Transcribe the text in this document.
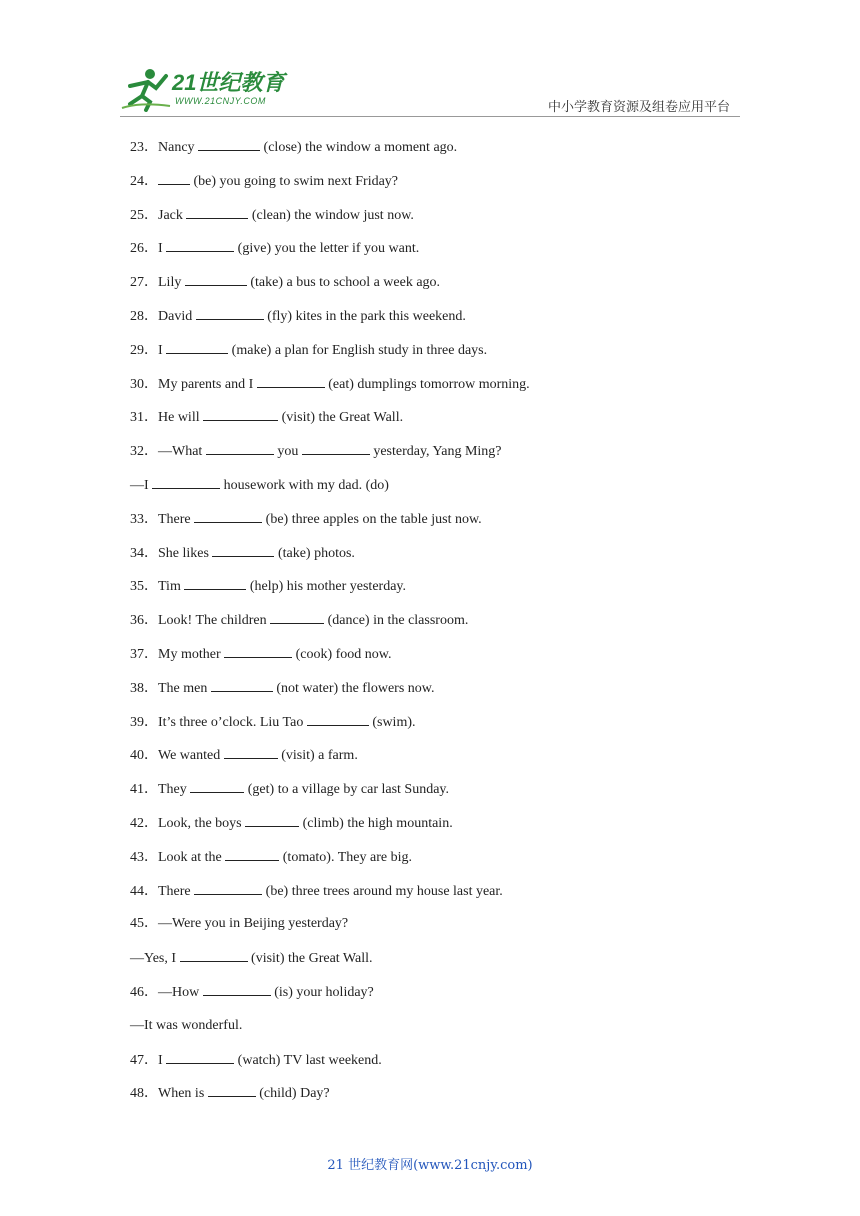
21世纪教育
WWW.21CNJY.COM	中小学教育资源及组卷应用平台
23．Nancy	(close) the window a moment ago.
24． (be) you going to swim next Friday?
25．Jack	(clean) the window just now.
26．I	(give) you the letter if you want.
27．Lily	(take) a bus to school a week ago.
28．David	(fly) kites in the park this weekend.
29．I	(make) a plan for English study in three days.
30．My parents and I	(eat) dumplings tomorrow morning.
31．He will	(visit) the Great Wall.
32．—What	you	yesterday, Yang Ming?
—I	housework with my dad. (do)
33．There	(be) three apples on the table just now.
34．She likes	(take) photos.
35．Tim	(help) his mother yesterday.
36．Look! The children	(dance) in the classroom.
37．My mother	(cook) food now.
38．The men	(not water) the flowers now.
39．It’s three o’clock. Liu Tao	(swim).
40．We wanted	(visit) a farm.
41．They	(get) to a village by car last Sunday.
42．Look, the boys	(climb) the high mountain.
43．Look at the	(tomato). They are big.
44．There	(be) three trees around my house last year.
45．—Were you in Beijing yesterday?
—Yes, I	(visit) the Great Wall.
46．—How	(is) your holiday?
—It was wonderful.
47．I	(watch) TV last weekend.
48．When is	(child) Day?
21 世纪教育网(www.21cnjy.com)
